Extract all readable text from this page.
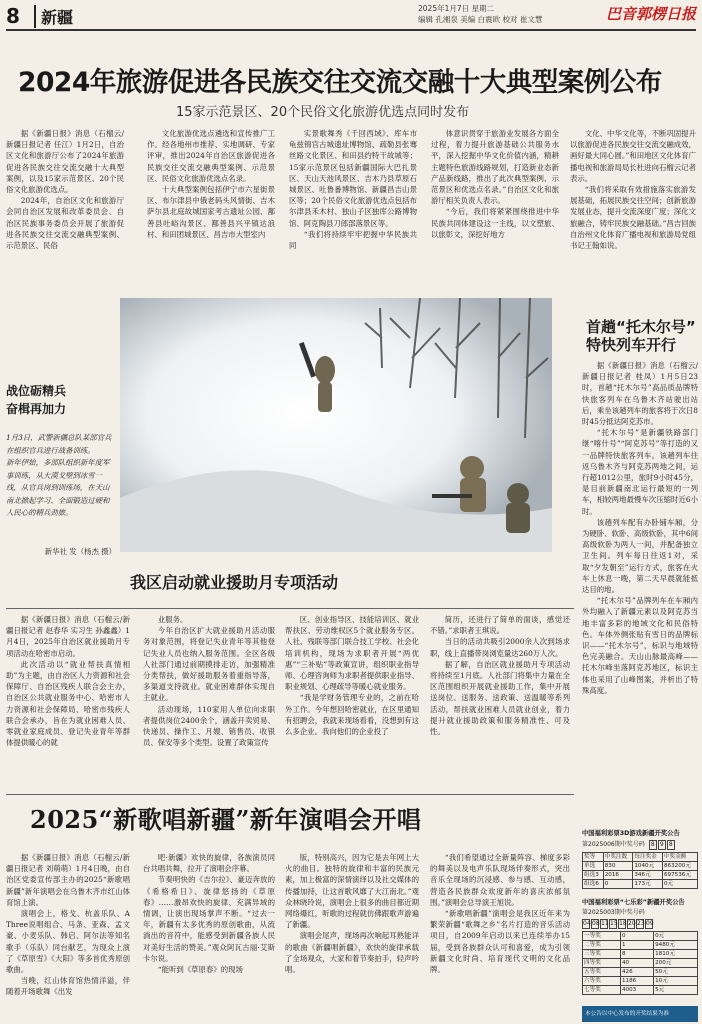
8	新疆	2025年1月7日 星期二
编辑 孔湘泉 美编 白震欧 校对 崔文慧	巴音郭楞日报
2024年旅游促进各民族交往交流交融十大典型案例公布
15家示范景区、20个民俗文化旅游优选点同时发布

据《新疆日报》消息（石榴云/新疆日报记者 任江）1月2日，自治区文化和旅游厅公布了2024年旅游促进各民族交往交流交融十大典型案例，以及15家示范景区、20个民俗文化旅游优选点。

2024年，自治区文化和旅游厅会同自治区发展和改革委员会、自治区民族事务委员会开展了旅游促进各民族交往交流交融典型案例、示范景区、民俗

文化旅游优选点遴选和宣传推广工作。经各地州市推荐、实地调研、专家评审，推出2024年自治区旅游促进各民族交往交流交融典型案例、示范景区、民俗文化旅游优选点名录。

十大典型案例包括伊宁市六星街景区、布尔津县中俄老码头风情街、吉木萨尔县北庭故城国家考古遗址公园、鄯善县吐峪沟景区、鄯善县兴平镇达浪村、和田团城景区、昌吉市大型室内

实景歌舞秀《千回西域》、库车市龟兹锦官古城遗址博物馆、疏勒县张骞丝路文化景区、和田县约特干故城等；15家示范景区包括新疆国际大巴扎景区、天山天池风景区、吉木乃县草原石城景区、吐鲁番博物馆、新疆昌吉山景区等；20个民俗文化旅游优选点包括布尔津县禾木村、独山子区独库公路博物馆、阿克陶县刀郎部落景区等。

“我们将持续牢牢把握中华民族共同

体意识贯穿于旅游业发展各方面全过程，着力提升旅游基础公共服务水平，深入挖掘中华文化价值内涵，精耕主题特色旅游线路规划，打造新业态新产品新线路，推出了此次典型案例、示范景区和优选点名录。”自治区文化和旅游厅相关负责人表示。

“今后，我们将紧紧围绕推进中华民族共同体建设这一主线，以文塑旅、以旅彰文，深挖好地方

文化、中华文化等，不断巩固提升以旅游促进各民族交往交流交融成效，画好最大同心圆。”和田地区文化体育广播电视和旅游局局长杜进向石榴云记者表示。

“我们将采取有效措施落实旅游发展基础，拓展民族交往空间；创新旅游发展业态，提升交流深度广度；深化文旅融合，铸牢民族交融基础。”昌吉回族自治州文化体育广播电视和旅游局党组书记王翰如说。

战位砺精兵
奋楫再加力

1月3日，武警新疆总队某部官兵在组织官兵进行战备训练。

新年伊始，多部队组织新年度军事训练，从大漠戈壁到冰雪一线，从官兵岗到训练场，在天山南北掀起学习、全面锻造过硬和人民心的精兵劲旅。

新华社 发（杨杰 摄）
我区启动就业援助月专项活动
首趟“托木尔号”
特快列车开行

据《新疆日报》消息（石榴云/新疆日报记者 桂凤）1月5日23时，首趟“托木尔号”高品质品牌特快旅客列车在乌鲁木齐站驶出站后，乘坐该趟列车的旅客将于次日8时45分抵达阿克苏市。

“托木尔号”是新疆铁路部门继“喀什号”“阿克苏号”等打造的又一品牌特快旅客列车。该趟列车往返乌鲁木齐与阿克苏两地之间，运行超1012公里，旅时9小时45分，是目前新疆南北运行最短的一列车，相较两地最慢车次压缩时近6小时。

该趟列车配有办卧铺车厢，分为硬卧、软卧、高级软卧，其中6间高级软卧为两人一间，并配备独立卫生间。列车每日往返1对，采取“夕发朝至”运行方式，旅客在火车上休息一晚，第二天早晨就能抵达目的地。

“托木尔号”品牌列车在车厢内外均融入了新疆元素以及阿克苏当地丰富多彩的地域文化和民俗特色。车体外侧张贴有雪日的品牌标识——“托木尔号”，标识与地域特色完美融合。天山山脉最高峰——托木尔峰坐落阿克苏地区，标识主体也采用了山峰图案，并析出了特殊高度。

据《新疆日报》消息（石榴云/新疆日报记者 赵春华 实习生 孙鑫鑫）1月4日，2025年自治区就业援助月专项活动在哈密市启动。

此次活动以“就业帮扶真情相助”为主题，由自治区人力资源和社会保障厅、自治区残疾人联合会主办，自治区公共就业服务中心、哈密市人力资源和社会保障局、哈密市残疾人联合会承办，旨在为就业困难人员、零就业家庭成员、登记失业青年等群体提供暖心的就

业服务。

今年自治区扩大就业援助月活动服务对象范围，将登记失业青年等其他登记失业人员也纳入服务范围。全区各级人社部门通过前期摸排走访，加强精准分类帮扶，做好援助服务着重指导落，多渠道支持就业。就业困难群体实现自主就业。

活动现场，110家用人单位向求职者提供岗位2400余个，涵盖开卖贸易、快递员、操作工、月嫂、销售员、收银员、保安等多个类型。设置了政策宣传

区、创业指导区、技能培训区、就业帮扶区、劳动维权区5个就业服务专区。人社、残联等部门联合技工学校、社会化培训机构，现场为求职者开展“两优惠”“三补贴”等政策宣讲，组织职业指导师、心理咨询师为求职者提供职业指导、职业规划、心理疏导等暖心就业服务。

“我是学财务管理专业的，之前在哈外工作。今年想回哈密就业，在区里通知有招聘会，我就来现场看看，没想到有这么多企业。我向他们的企业投了

简历，还进行了简单的面谈，感觉还不错。”求职者王琪说。

当日的活动共吸引2000余人次到场求职，线上直播带岗浏览量达260万人次。

据了解，自治区就业援助月专项活动将持续至1月底。人社部门将集中力量在全区范围组织开展就业援助工作，集中开展送岗位、送服务、送政策、送温暖等系列活动，帮扶就业困难人员就业创业，着力提升就业援助政策和服务精准性、可及性。

2025“新歌唱新疆”新年演唱会开唱

据《新疆日报》消息（石榴云/新疆日报记者 刘萌萌）1月4日晚，由自治区党委宣传部主办的2025“新歌唱新疆”新年演唱会在乌鲁木齐市红山体育馆上演。

演唱会上，格戈、杭盖乐队、A Three说唱组合、马条、亚森、孟文豪、小麦乐队、韩启、阿尔法等知名歌手（乐队）同台献艺，为现众上演了《草原雪》《大阳》等多首优秀原创歌曲。

当晚，红山体育馆热情洋溢，伴随着开场歌舞《出发

吧·新疆》欢快的旋律，各族演员同台共唱共舞，拉开了演唱会序幕。

节奏明快的《吉尔拉》、豪迈奔放的《希格希日》、旋律悠扬的《草原春》……激昂欢快的旋律、充满异域的情调，让演出现场掌声不断。“过去一年，新疆有太多优秀的原创歌曲，从流淌出的音符中，能感受到新疆各族人民对美好生活的赞美。”观众阿瓦古丽·艾斯卡尔说。

“能听到《草原春》的现场

版，特别高兴，因为它是去年网上大火的曲目。独特的旋律和丰富的民族元素，加上极富的深情演绎以及社交媒体的传播加持，让这首歌风靡了大江南北。”观众林晓玲说，演唱会上很多的曲目都近期网络爆红，听歌的过程就仿佛跟歌声游遍了新疆。

演唱会尾声，现场再次响起耳熟能详的歌曲《新疆唱新疆》，欢快的旋律承载了全场观众，大家和着节奏拍手，轻声吟唱。

“我们希望通过全新量阵容、梯度多彩的舞美以及电声乐队现场伴奏形式，突出音乐全现场的沉浸感、参与感、互动感，营造各民族群众欢度新年的喜庆浓郁氛围。”演唱会总导演王旭说。

“新歌唱新疆”演唱会是我区近年来为繁荣新疆“歌舞之乡”名片打造的音乐活动项目，自2009年启动以来已连续举办15届，受到各族群众认可和喜爱，成为引领新疆文化时尚、培育现代文明的文化品牌。

中国福利彩票3D游戏新疆开奖公告
第2025006期中奖号码	8 9 8
奖等	中奖注数	每注奖金	中奖金额
单选	830	1040元	863200元
组选3	2016	346元	697536元
组选6	0	173元	0元
中国福利彩票“七乐彩”新疆开奖公告
第2025003期中奖号码
0408111518202309
一等奖	0	0元
二等奖	1	9480元
三等奖	8	1810元
四等奖	40	200元
五等奖	426	50元
六等奖	1186	10元
七等奖	4003	5元
本公告以中心发布的开奖结果为准
